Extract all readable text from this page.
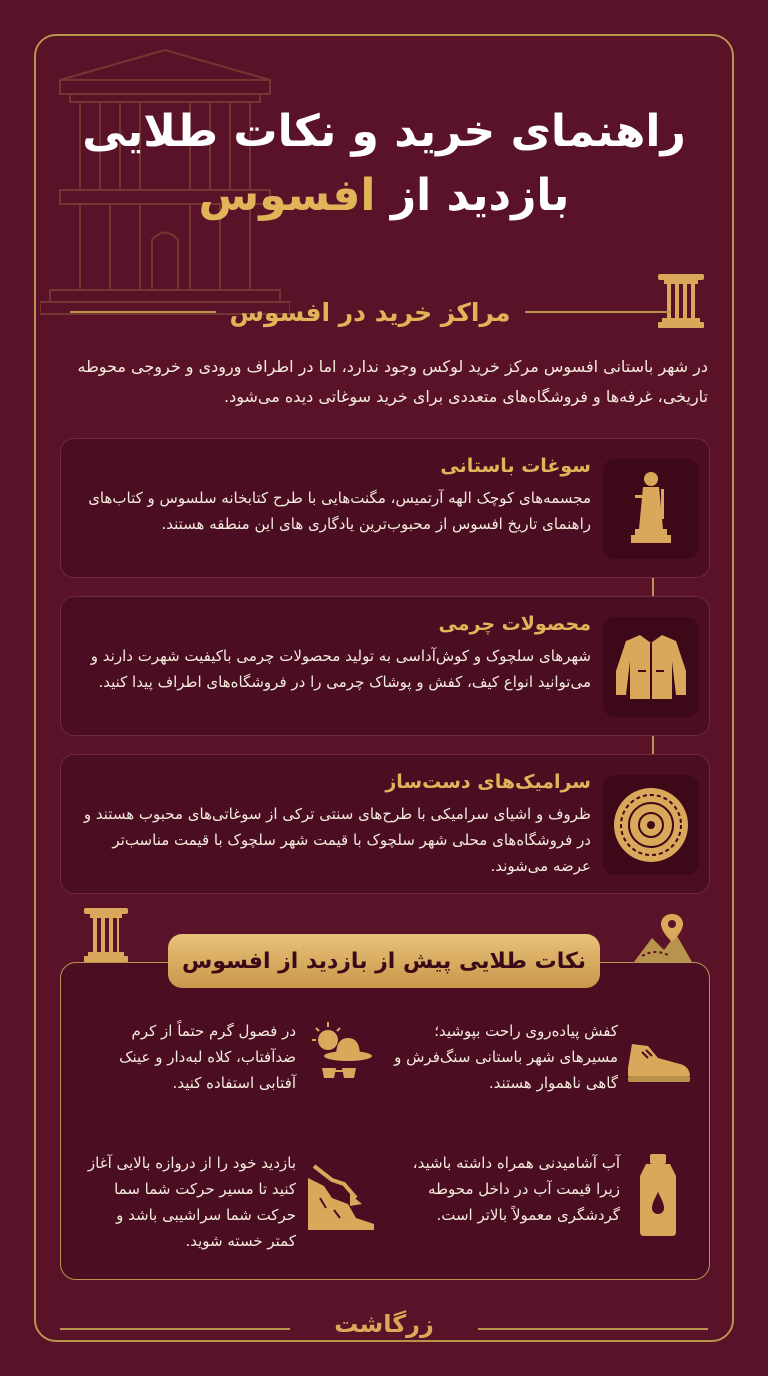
راهنمای خرید و نکات طلایی
بازدید از افسوس
مراکز خرید در افسوس
در شهر باستانی افسوس مرکز خرید لوکس وجود ندارد، اما در اطراف ورودی و خروجی محوطه تاریخی، غرفه‌ها و فروشگاه‌های متعددی برای خرید سوغاتی دیده می‌شود.
سوغات باستانی
مجسمه‌های کوچک الهه آرتمیس، مگنت‌هایی با طرح کتابخانه سلسوس و کتاب‌های راهنمای تاریخ افسوس از محبوب‌ترین یادگاری های این منطقه هستند.
محصولات چرمی
شهرهای سلچوک و کوش‌آداسی به تولید محصولات چرمی باکیفیت شهرت دارند و می‌توانید انواع کیف، کفش و پوشاک چرمی را در فروشگاه‌های اطراف پیدا کنید.
سرامیک‌های دست‌ساز
ظروف و اشیای سرامیکی با طرح‌های سنتی ترکی از سوغاتی‌های محبوب هستند و در فروشگاه‌های محلی شهر سلچوک با قیمت شهر سلچوک با قیمت مناسب‌تر عرضه می‌شوند.
نکات طلایی پیش از بازدید از افسوس
کفش پیاده‌روی راحت بپوشید؛ مسیرهای شهر باستانی سنگ‌فرش و گاهی ناهموار هستند.
در فصول گرم حتماً از کرم ضدآفتاب، کلاه لبه‌دار و عینک آفتابی استفاده کنید.
آب آشامیدنی همراه داشته باشید، زیرا قیمت آب در داخل محوطه گردشگری معمولاً بالاتر است.
بازدید خود را از دروازه بالایی آغاز کنید تا مسیر حرکت شما سما حرکت شما سراشیبی باشد و کمتر خسته شوید.
زرگاشت
